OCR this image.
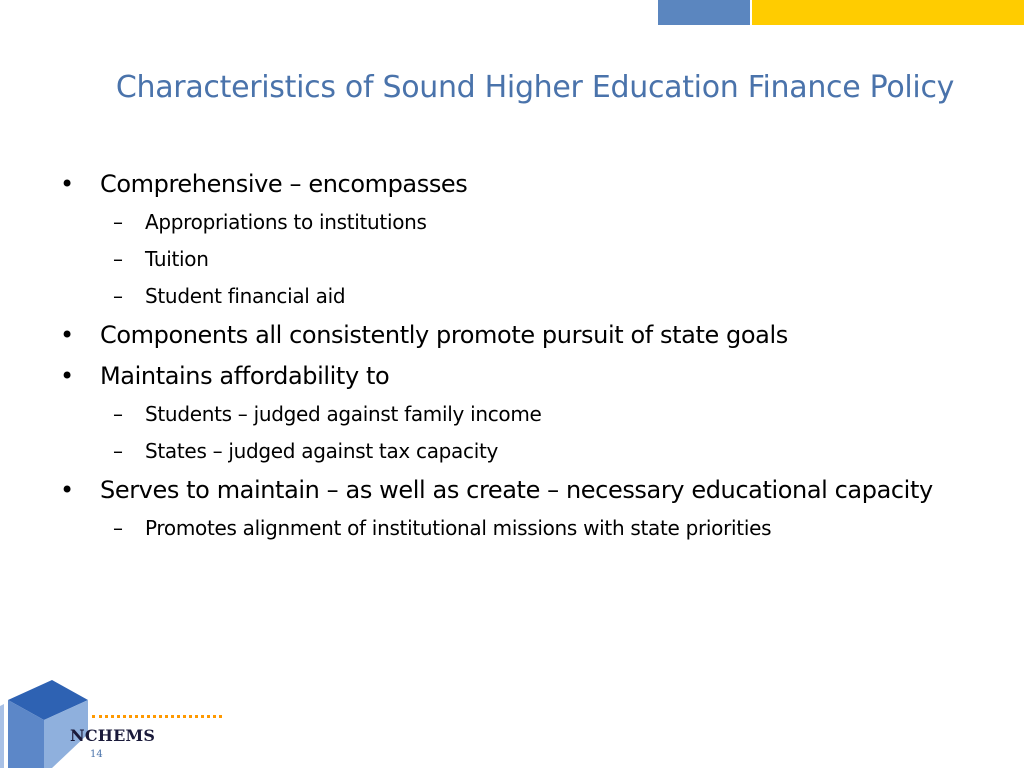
Characteristics of Sound Higher Education Finance Policy
• Comprehensive – encompasses
– Appropriations to institutions
– Tuition
– Student financial aid
• Components all consistently promote pursuit of state goals
• Maintains affordability to
– Students – judged against family income
– States – judged against tax capacity
• Serves to maintain – as well as create – necessary educational capacity
– Promotes alignment of institutional missions with state priorities
NCHEMS
14
